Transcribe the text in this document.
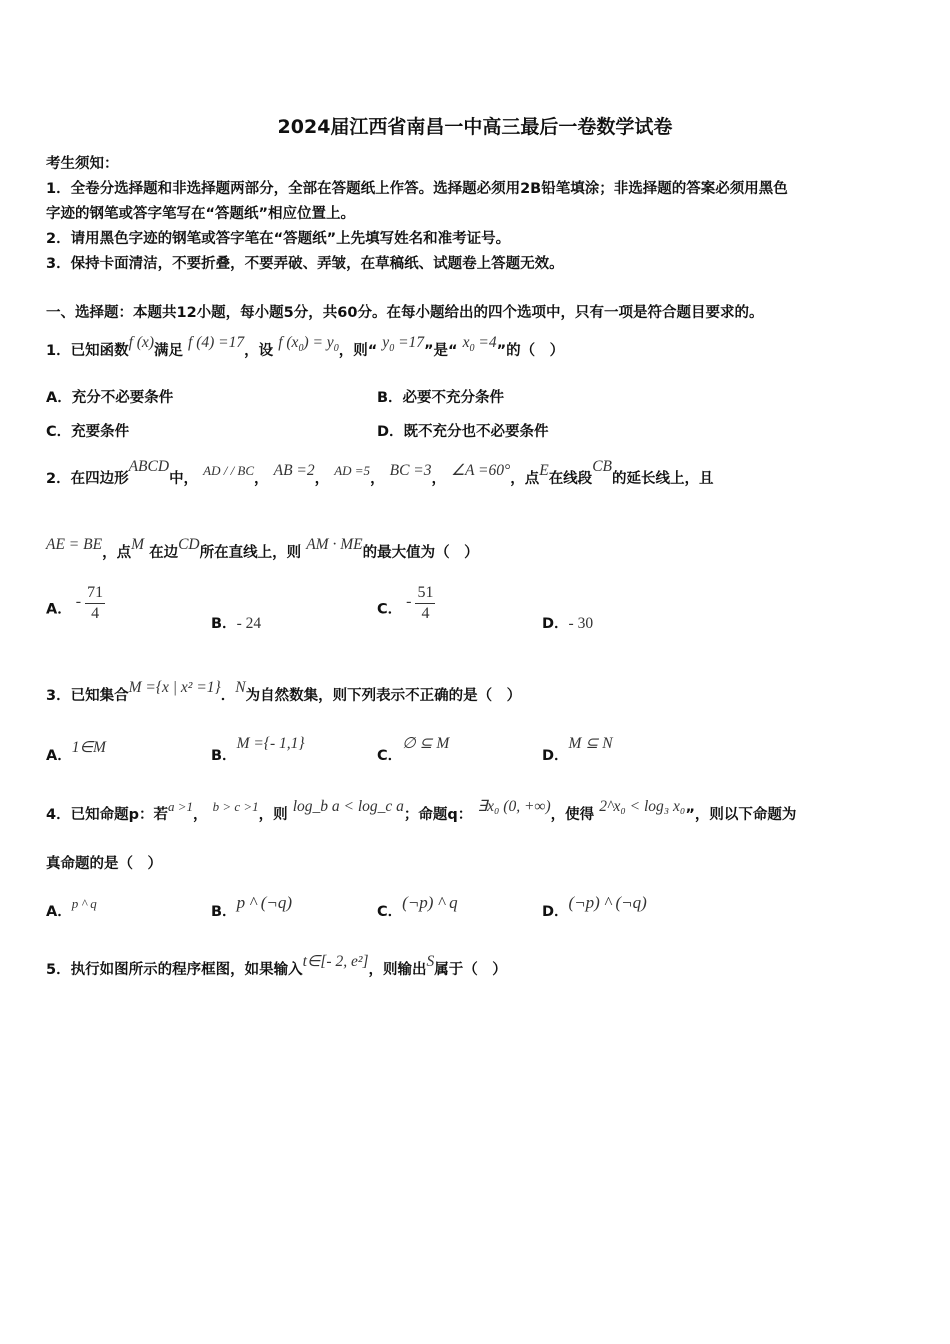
2024届江西省南昌一中高三最后一卷数学试卷
考生须知：
1．全卷分选择题和非选择题两部分，全部在答题纸上作答。选择题必须用2B铅笔填涂；非选择题的答案必须用黑色
字迹的钢笔或答字笔写在“答题纸”相应位置上。
2．请用黑色字迹的钢笔或答字笔在“答题纸”上先填写姓名和准考证号。
3．保持卡面清洁，不要折叠，不要弄破、弄皱，在草稿纸、试题卷上答题无效。
一、选择题：本题共12小题，每小题5分，共60分。在每小题给出的四个选项中，只有一项是符合题目要求的。
1．已知函数f (x)满足 f (4) =17，设 f $(x_0) = y_0$，则“ $y_0 =17$”是“ $x_0 =4$”的（　）
A．充分不必要条件	B．必要不充分条件
C．充要条件	D．既不充分也不必要条件
2．在四边形ABCD中， AD / / BC， AB =2， AD =5， BC =3， ∠A =60°，点E在线段CB的延长线上，且
AE = BE，点M 在边CD所在直线上，则 AM · ME的最大值为（　）
A． - $\frac{71}{4}$	B．- 24
C． - $\frac{51}{4}$	D．- 30
3．已知集合M ={x | x² =1}．N为自然数集，则下列表示不正确的是（　）
A．1∈M	B．M ={- 1,1}
C．∅ ⊆ M
D．M ⊆ N
4．已知命题p：若a >1， b > c >1，则 log_b a < log_c a；命题q： ∃x₀ (0, +∞)，使得 2^x₀ < log₃ x₀”，则以下命题为
真命题的是（　）
A．p ^ q
B．p ^ (¬q)	C．(¬p) ^ q	D．(¬p) ^ (¬q)
5．执行如图所示的程序框图，如果输入t∈[- 2, e²]，则输出S属于（　）
